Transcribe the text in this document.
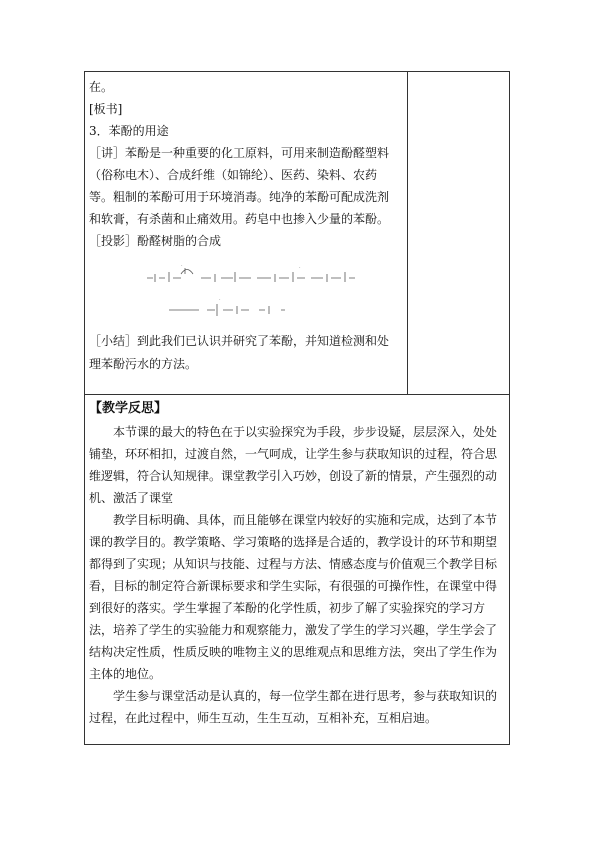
在。
[板书]
3．苯酚的用途
［讲］苯酚是一种重要的化工原料，可用来制造酚醛塑料
（俗称电木）、合成纤维（如锦纶）、医药、染料、农药
等。粗制的苯酚可用于环境消毒。纯净的苯酚可配成洗剂
和软膏，有杀菌和止痛效用。药皂中也掺入少量的苯酚。
［投影］酚醛树脂的合成
.	.
.
［小结］到此我们已认识并研究了苯酚，并知道检测和处
理苯酚污水的方法。
【教学反思】
本节课的最大的特色在于以实验探究为手段，步步设疑，层层深入，处处
铺垫，环环相扣，过渡自然，一气呵成，让学生参与获取知识的过程，符合思
维逻辑，符合认知规律。课堂教学引入巧妙，创设了新的情景，产生强烈的动
机、激活了课堂
教学目标明确、具体，而且能够在课堂内较好的实施和完成，达到了本节
课的教学目的。教学策略、学习策略的选择是合适的，教学设计的环节和期望
都得到了实现；从知识与技能、过程与方法、情感态度与价值观三个教学目标
看，目标的制定符合新课标要求和学生实际，有很强的可操作性，在课堂中得
到很好的落实。学生掌握了苯酚的化学性质，初步了解了实验探究的学习方
法，培养了学生的实验能力和观察能力，激发了学生的学习兴趣，学生学会了
结构决定性质，性质反映的唯物主义的思维观点和思维方法，突出了学生作为
主体的地位。
学生参与课堂活动是认真的，每一位学生都在进行思考，参与获取知识的
过程，在此过程中，师生互动，生生互动，互相补充，互相启迪。
